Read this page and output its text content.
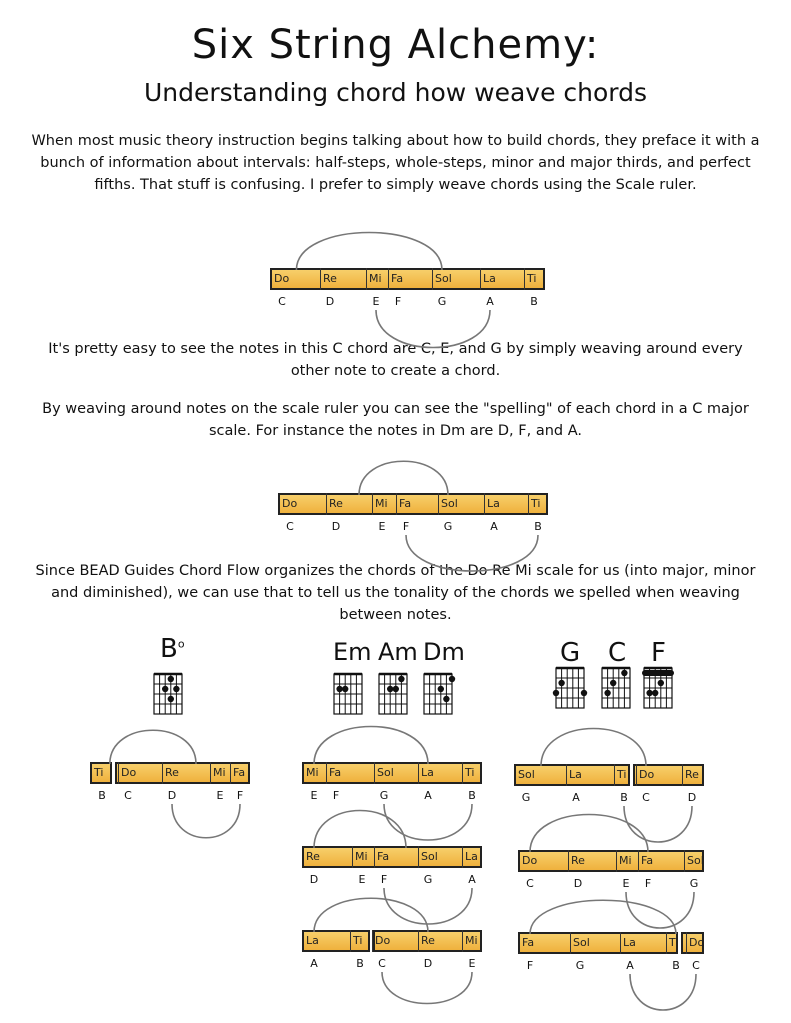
Six String Alchemy:
Understanding chord how weave chords

When most music theory instruction begins talking about how to build chords, they preface it with a bunch of information about intervals: half-steps, whole-steps, minor and major thirds, and perfect fifths. That stuff is confusing. I prefer to simply weave chords using the Scale ruler.

It's pretty easy to see the notes in this C chord are C, E, and G by simply weaving around every other note to create a chord.

By weaving around notes on the scale ruler you can see the "spelling" of each chord in a C major scale. For instance the notes in Dm are D, F, and A.

Since BEAD Guides Chord Flow organizes the chords of the Do Re Mi scale for us (into major, minor and diminished), we can use that to tell us the tonality of the chords we spelled when weaving between notes.

Do
C
Re
D
Mi
E
Fa
F
Sol
G
La
A
Ti
B
Do
C
Re
D
Mi
E
Fa
F
Sol
G
La
A
Ti
B
Ti
B
Do
C
Re
D
Mi
E
Fa
F
Mi
E
Fa
F
Sol
G
La
A
Ti
B
Re
D
Mi
E
Fa
F
Sol
G
La
A
La
A
Ti
B
Do
C
Re
D
Mi
E
Sol
G
La
A
Ti
B
Do
C
Re
D
Do
C
Re
D
Mi
E
Fa
F
Sol
G
Fa
F
Sol
G
La
A
Ti
B
Do
C
$B^o$	Em Am Dm	G C F
